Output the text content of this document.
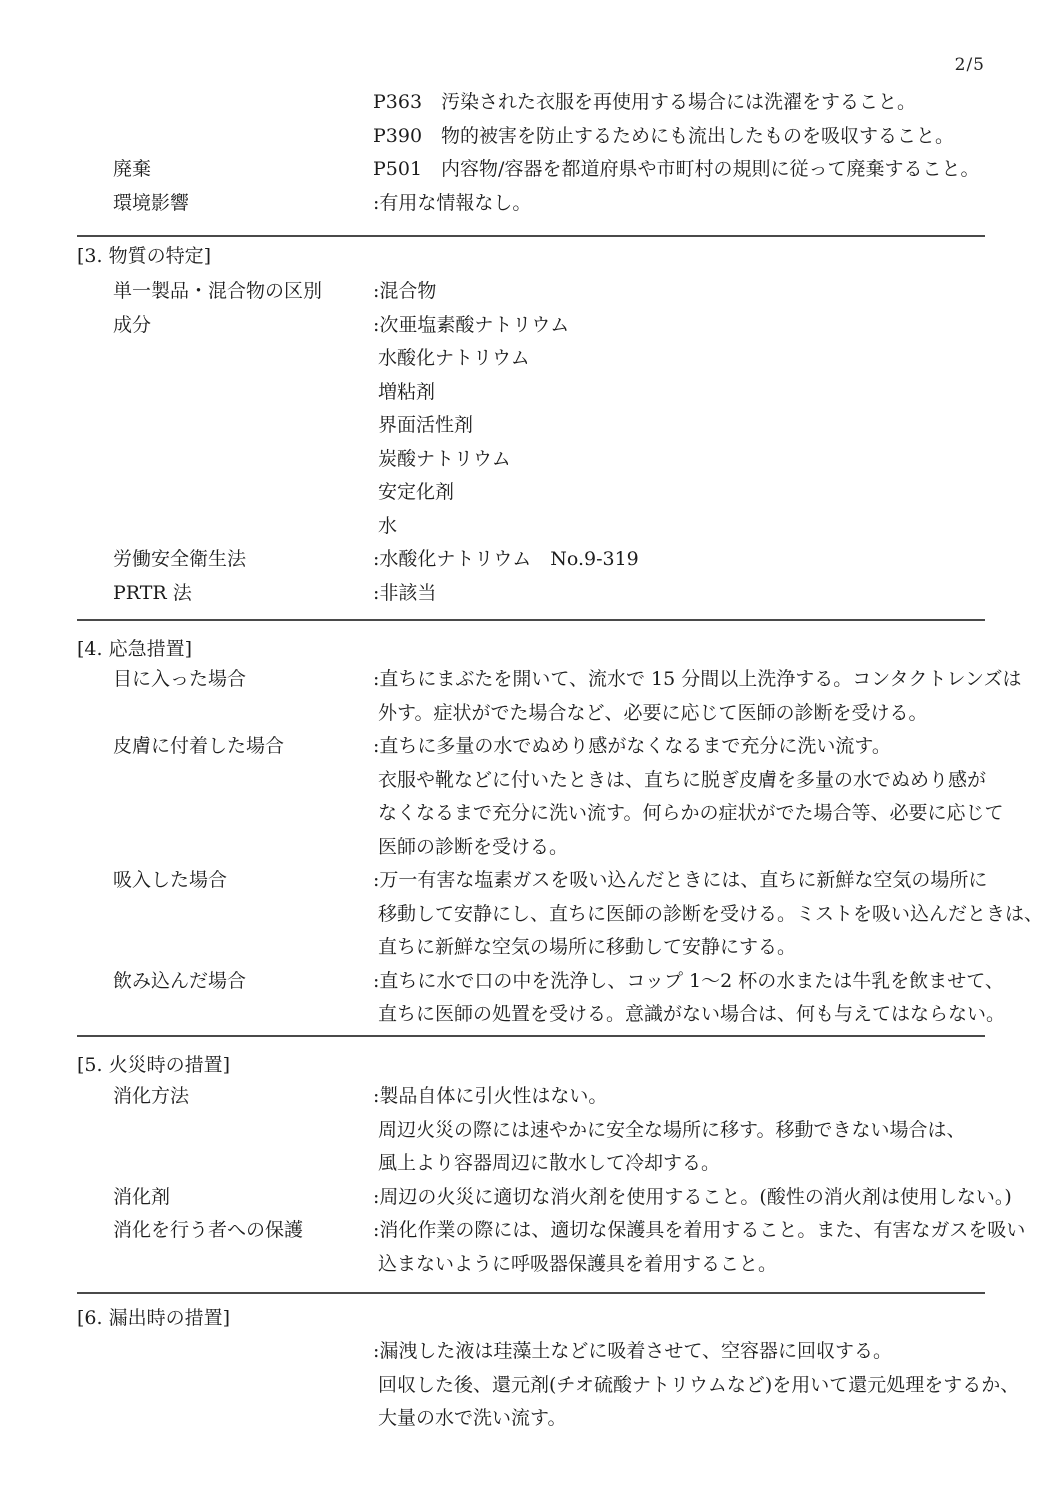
2/5
P363　汚染された衣服を再使用する場合には洗濯をすること。
P390　物的被害を防止するためにも流出したものを吸収すること。
廃棄	P501　内容物/容器を都道府県や市町村の規則に従って廃棄すること。
環境影響	:有用な情報なし。
[3. 物質の特定]
単一製品・混合物の区別	:混合物
成分	:次亜塩素酸ナトリウム
水酸化ナトリウム
増粘剤
界面活性剤
炭酸ナトリウム
安定化剤
水
労働安全衛生法	:水酸化ナトリウム　No.9-319
PRTR 法	:非該当
[4. 応急措置]
目に入った場合	:直ちにまぶたを開いて、流水で 15 分間以上洗浄する。コンタクトレンズは
外す。症状がでた場合など、必要に応じて医師の診断を受ける。
皮膚に付着した場合	:直ちに多量の水でぬめり感がなくなるまで充分に洗い流す。
衣服や靴などに付いたときは、直ちに脱ぎ皮膚を多量の水でぬめり感が
なくなるまで充分に洗い流す。何らかの症状がでた場合等、必要に応じて
医師の診断を受ける。
吸入した場合	:万一有害な塩素ガスを吸い込んだときには、直ちに新鮮な空気の場所に
移動して安静にし、直ちに医師の診断を受ける。ミストを吸い込んだときは、
直ちに新鮮な空気の場所に移動して安静にする。
飲み込んだ場合	:直ちに水で口の中を洗浄し、コップ 1～2 杯の水または牛乳を飲ませて、
直ちに医師の処置を受ける。意識がない場合は、何も与えてはならない。
[5. 火災時の措置]
消化方法	:製品自体に引火性はない。
周辺火災の際には速やかに安全な場所に移す。移動できない場合は、
風上より容器周辺に散水して冷却する。
消化剤	:周辺の火災に適切な消火剤を使用すること。(酸性の消火剤は使用しない。)
消化を行う者への保護	:消化作業の際には、適切な保護具を着用すること。また、有害なガスを吸い
込まないように呼吸器保護具を着用すること。
[6. 漏出時の措置]
:漏洩した液は珪藻土などに吸着させて、空容器に回収する。
回収した後、還元剤(チオ硫酸ナトリウムなど)を用いて還元処理をするか、
大量の水で洗い流す。
